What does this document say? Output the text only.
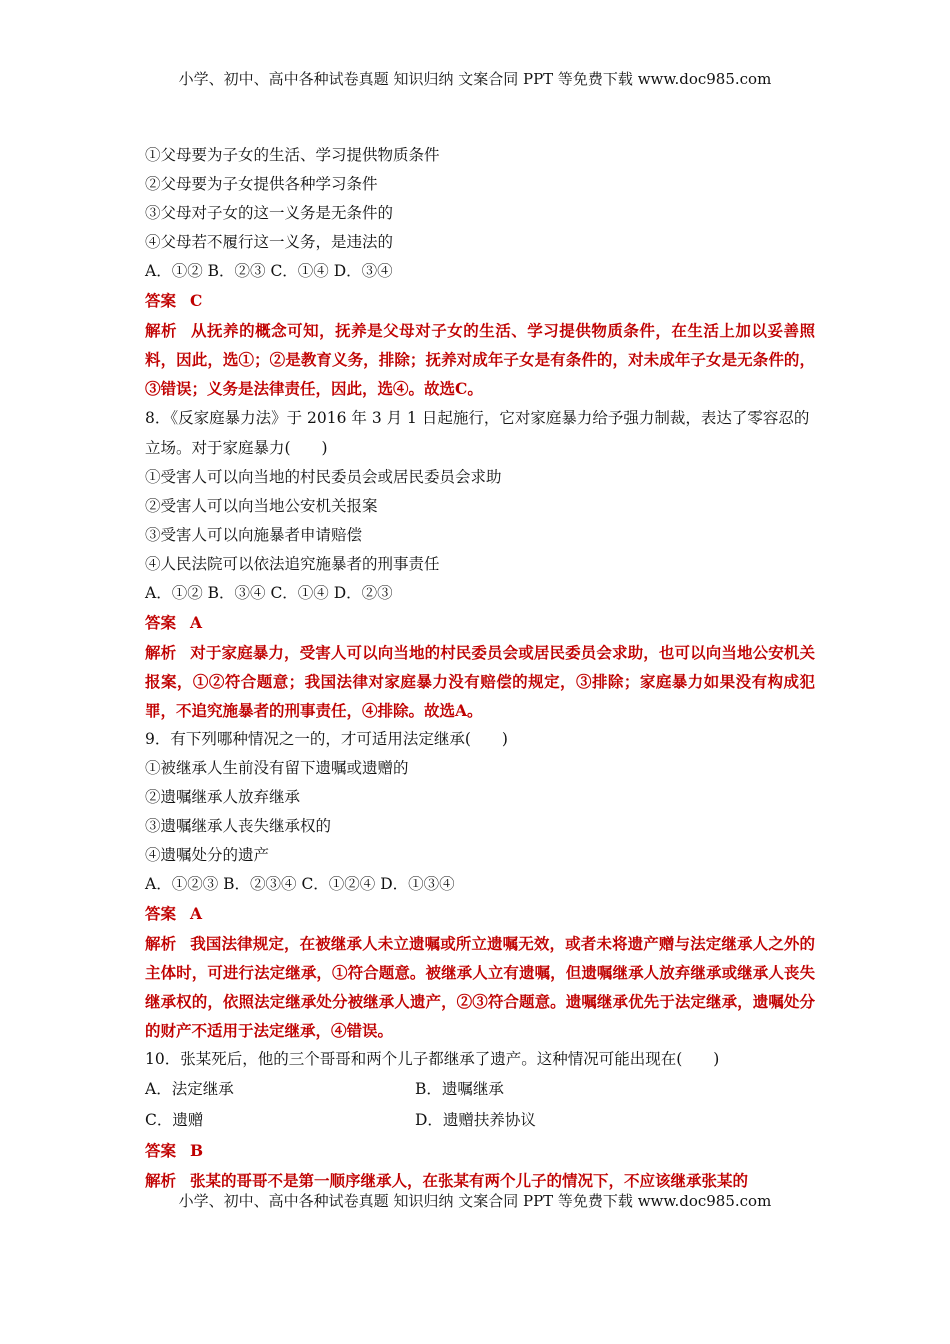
小学、初中、高中各种试卷真题 知识归纳 文案合同 PPT 等免费下载 www.doc985.com
①父母要为子女的生活、学习提供物质条件
②父母要为子女提供各种学习条件
③父母对子女的这一义务是无条件的
④父母若不履行这一义务，是违法的
A．①② B．②③ C．①④ D．③④
答案 C
解析 从抚养的概念可知，抚养是父母对子女的生活、学习提供物质条件，在生活上加以妥善照料，因此，选①；②是教育义务，排除；抚养对成年子女是有条件的，对未成年子女是无条件的，③错误；义务是法律责任，因此，选④。故选C。
8．《反家庭暴力法》于 2016 年 3 月 1 日起施行，它对家庭暴力给予强力制裁，表达了零容忍的立场。对于家庭暴力(　　)
①受害人可以向当地的村民委员会或居民委员会求助
②受害人可以向当地公安机关报案
③受害人可以向施暴者申请赔偿
④人民法院可以依法追究施暴者的刑事责任
A．①② B．③④ C．①④ D．②③
答案 A
解析 对于家庭暴力，受害人可以向当地的村民委员会或居民委员会求助，也可以向当地公安机关报案，①②符合题意；我国法律对家庭暴力没有赔偿的规定，③排除；家庭暴力如果没有构成犯罪，不追究施暴者的刑事责任，④排除。故选A。
9．有下列哪种情况之一的，才可适用法定继承(　　)
①被继承人生前没有留下遗嘱或遗赠的
②遗嘱继承人放弃继承
③遗嘱继承人丧失继承权的
④遗嘱处分的遗产
A．①②③ B．②③④ C．①②④ D．①③④
答案 A
解析 我国法律规定，在被继承人未立遗嘱或所立遗嘱无效，或者未将遗产赠与法定继承人之外的主体时，可进行法定继承，①符合题意。被继承人立有遗嘱，但遗嘱继承人放弃继承或继承人丧失继承权的，依照法定继承处分被继承人遗产，②③符合题意。遗嘱继承优先于法定继承，遗嘱处分的财产不适用于法定继承，④错误。
10．张某死后，他的三个哥哥和两个儿子都继承了遗产。这种情况可能出现在(　　)
A．法定继承	B．遗嘱继承
C．遗赠	D．遗赠扶养协议
答案 B
解析 张某的哥哥不是第一顺序继承人，在张某有两个儿子的情况下，不应该继承张某的
小学、初中、高中各种试卷真题 知识归纳 文案合同 PPT 等免费下载 www.doc985.com
